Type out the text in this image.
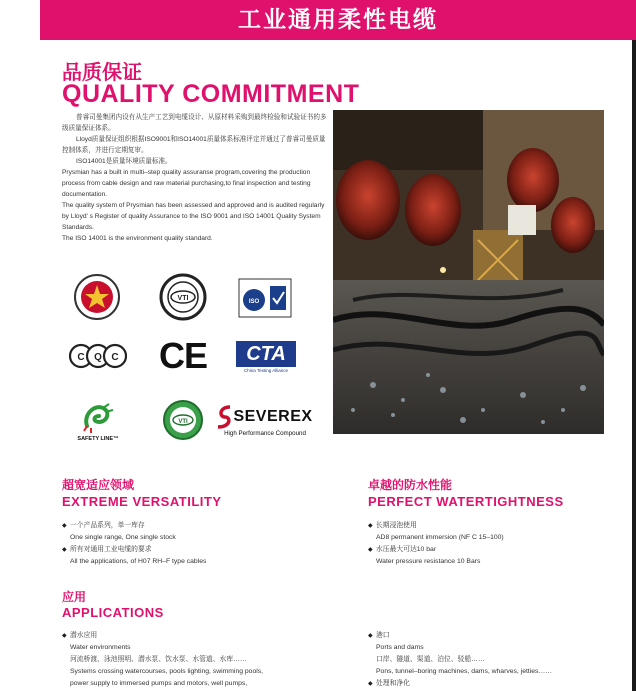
工业通用柔性电缆
品质保证
QUALITY COMMITMENT

普睿司曼集团内设有从生产工艺到电缆设计、从原材料采购到最终检验和试验证书的多级质量保证体系。

Lloyd质量保证组织根据ISO9001和ISO14001质量体系标准评定并通过了普睿司曼质量控制体系，并进行定期复审。

ISO14001是质量环境质量标准。

Prysmian has a built in multi–step quality assuranse program,covering the production process from cable design and raw material purchasing,to final inspection and testing documentation.

The quality system of Prysmian has been assessed and approved and is audited regularly by Lloyd' s Register of quality Assurance to the ISO 9001 and ISO 14001 Quality System Standards.

The ISO 14001 is the environment quality standard.

VTI	ISO
C Q C CE	CTA
China Testing Alliance
SAFETY LINE™
VTI	SEVEREX
High Performance Compound
超宽适应领域
EXTREME VERSATILITY
◆ 一个产品系列，单一库存
One single range, One single stock
◆ 所有对通用工业电缆的要求
All the applications, of H07 RH–F type cables
卓越的防水性能
PERFECT WATERTIGHTNESS
◆ 长期浸泡使用
AD8 permanent immersion (NF C 15–100)
◆ 水压最大可达10 bar
Water pressure resistance 10 Bars
应用
APPLICATIONS
◆ 潜水应用
Water environments
河流桥渡、泳池照明、潜水泵、饮水泵、水管道、水库……
Systems crossing watercourses, pools lighting, swimming pools,
power supply to immersed pumps and motors, well pumps,
◆ 港口
Ports and dams
口岸、隧道、渠道、泊位、驳船……
Pons, tunnel–boring machines, dams, wharves, jetties……
◆ 处理和净化
